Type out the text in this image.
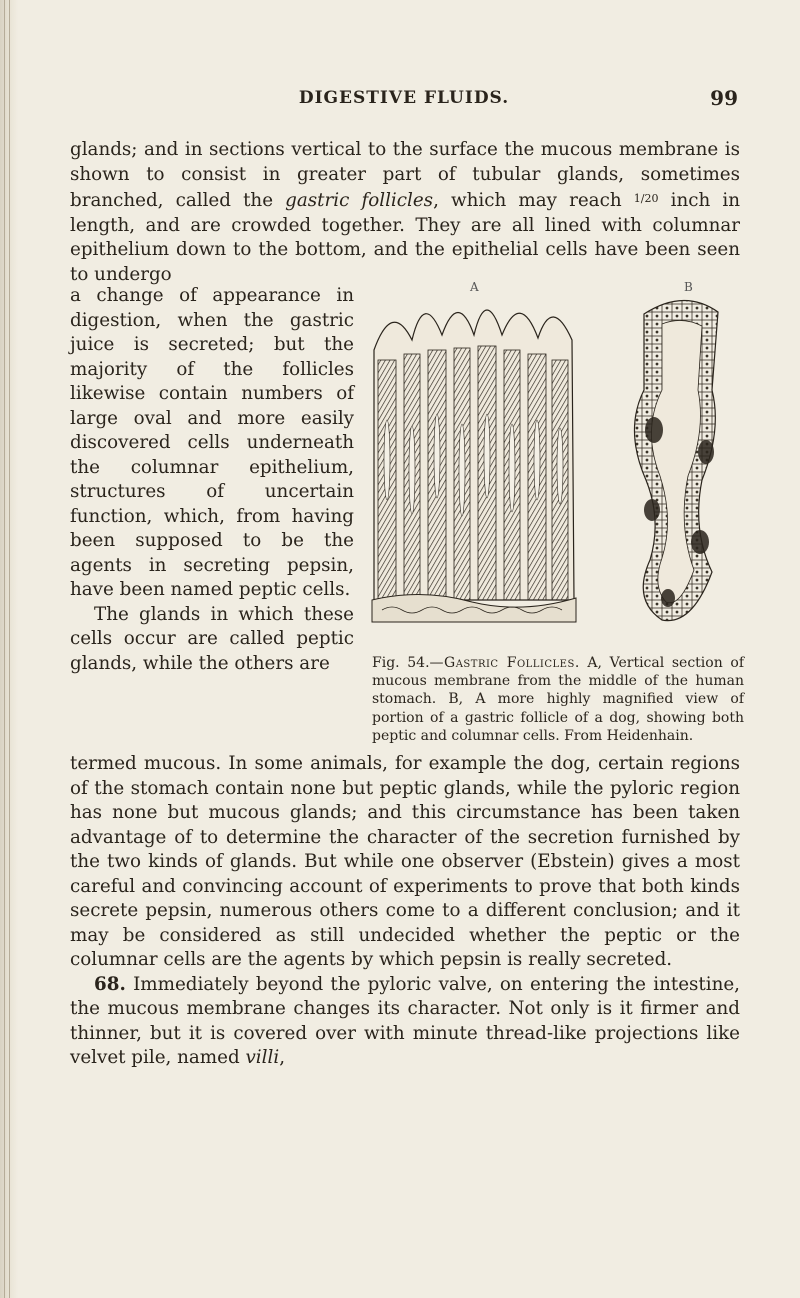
DIGESTIVE FLUIDS.	99

glands; and in sections vertical to the surface the mucous membrane is shown to consist in greater part of tubular glands, sometimes branched, called the gastric follicles, which may reach $^{1/20}$ inch in length, and are crowded together. They are all lined with columnar epithelium down to the bottom, and the epithelial cells have been seen to undergo

a change of appearance in digestion, when the gastric juice is secreted; but the majority of the follicles likewise contain numbers of large oval and more easily discovered cells underneath the columnar epithelium, structures of uncertain function, which, from having been supposed to be the agents in secreting pepsin, have been named peptic cells.

The glands in which these cells occur are called peptic glands, while the others are

A	B
Fig. 54.—Gastric Follicles. A, Vertical section of mucous membrane from the middle of the human stomach. B, A more highly magnified view of portion of a gastric follicle of a dog, showing both peptic and columnar cells. From Heidenhain.

termed mucous. In some animals, for example the dog, certain regions of the stomach contain none but peptic glands, while the pyloric region has none but mucous glands; and this circumstance has been taken advantage of to determine the character of the secretion furnished by the two kinds of glands. But while one observer (Ebstein) gives a most careful and convincing account of experiments to prove that both kinds secrete pepsin, numerous others come to a different conclusion; and it may be considered as still undecided whether the peptic or the columnar cells are the agents by which pepsin is really secreted.

68. Immediately beyond the pyloric valve, on entering the intestine, the mucous membrane changes its character. Not only is it firmer and thinner, but it is covered over with minute thread-like projections like velvet pile, named villi,
